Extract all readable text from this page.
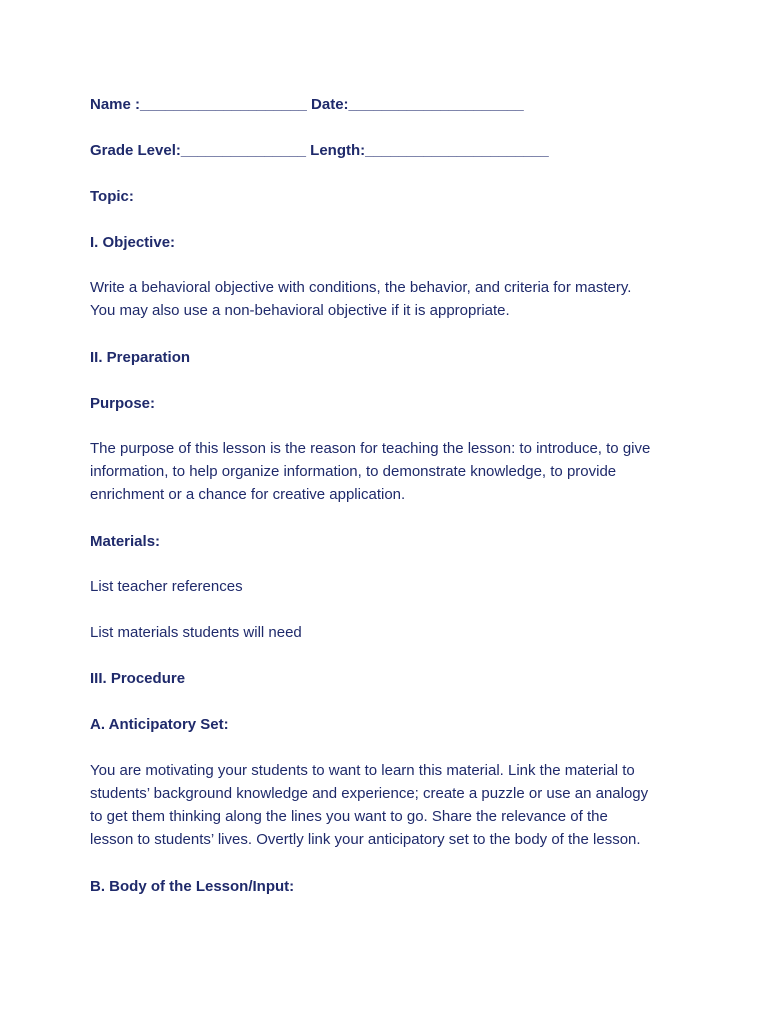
Name :____________________ Date:_____________________
Grade Level:_______________ Length:______________________
Topic:
I. Objective:
Write a behavioral objective with conditions, the behavior, and criteria for mastery.
You may also use a non-behavioral objective if it is appropriate.
II. Preparation
Purpose:
The purpose of this lesson is the reason for teaching the lesson: to introduce, to give
information, to help organize information, to demonstrate knowledge, to provide
enrichment or a chance for creative application.
Materials:
List teacher references
List materials students will need
III. Procedure
A. Anticipatory Set:
You are motivating your students to want to learn this material. Link the material to
students’ background knowledge and experience; create a puzzle or use an analogy
to get them thinking along the lines you want to go. Share the relevance of the
lesson to students’ lives. Overtly link your anticipatory set to the body of the lesson.
B. Body of the Lesson/Input:
